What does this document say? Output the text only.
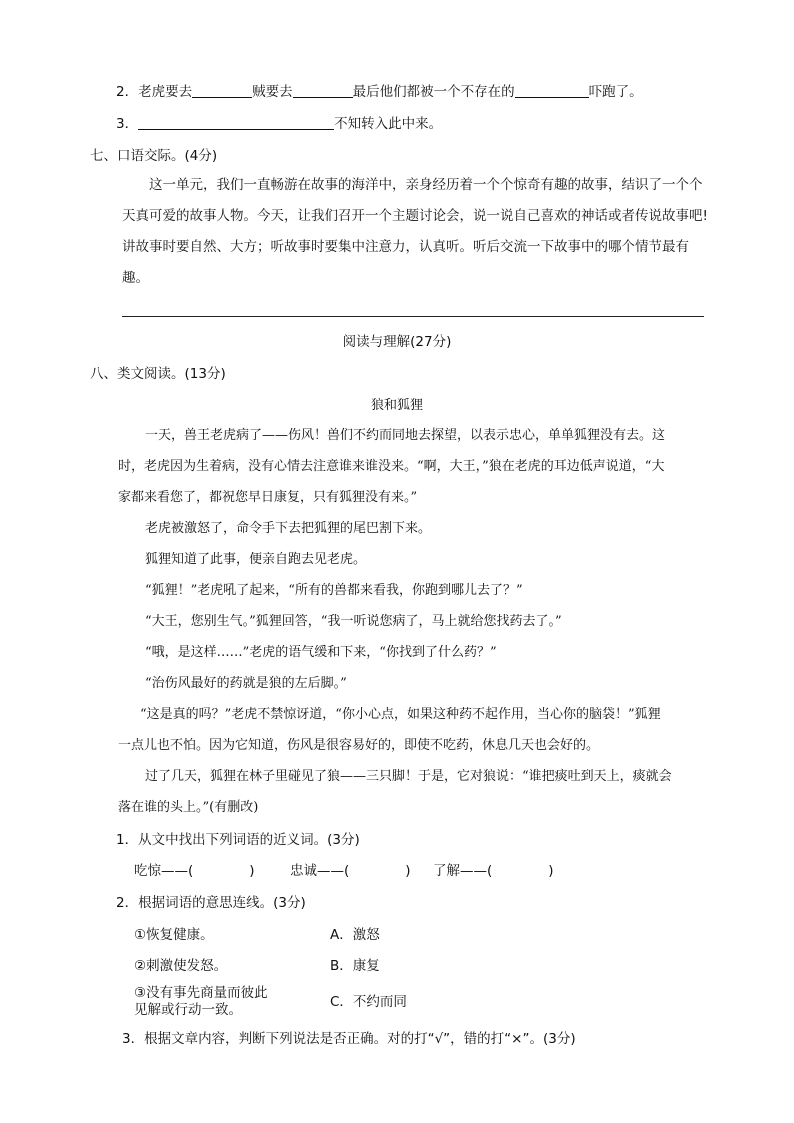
2．老虎要去	贼要去	最后他们都被一个不存在的	吓跑了。
3．	不知转入此中来。
七、口语交际。(4分)
这一单元，我们一直畅游在故事的海洋中，亲身经历着一个个惊奇有趣的故事，结识了一个个天真可爱的故事人物。今天，让我们召开一个主题讨论会，说一说自己喜欢的神话或者传说故事吧!讲故事时要自然、大方；听故事时要集中注意力，认真听。听后交流一下故事中的哪个情节最有趣。
阅读与理解(27分)
八、类文阅读。(13分)
狼和狐狸
一天，兽王老虎病了——伤风！兽们不约而同地去探望，以表示忠心，单单狐狸没有去。这
时，老虎因为生着病，没有心情去注意谁来谁没来。“啊，大王，”狼在老虎的耳边低声说道，“大
家都来看您了，都祝您早日康复，只有狐狸没有来。”
老虎被激怒了，命令手下去把狐狸的尾巴割下来。
狐狸知道了此事，便亲自跑去见老虎。
“狐狸！”老虎吼了起来，“所有的兽都来看我，你跑到哪儿去了？”
“大王，您别生气。”狐狸回答，“我一听说您病了，马上就给您找药去了。”
“哦，是这样……”老虎的语气缓和下来，“你找到了什么药？”
“治伤风最好的药就是狼的左后脚。”
“这是真的吗？”老虎不禁惊讶道，“你小心点，如果这种药不起作用，当心你的脑袋！”狐狸
一点儿也不怕。因为它知道，伤风是很容易好的，即使不吃药，休息几天也会好的。
过了几天，狐狸在林子里碰见了狼——三只脚！于是，它对狼说：“谁把痰吐到天上，痰就会
落在谁的头上。”(有删改)
1．从文中找出下列词语的近义词。(3分)
吃惊——(	)	忠诚——(	) 了解——(	)
2．根据词语的意思连线。(3分)
①恢复健康。	A．激怒
②刺激使发怒。	B．康复
③没有事先商量而彼此
见解或行动一致。	C．不约而同
3．根据文章内容，判断下列说法是否正确。对的打“√”，错的打“×”。(3分)
